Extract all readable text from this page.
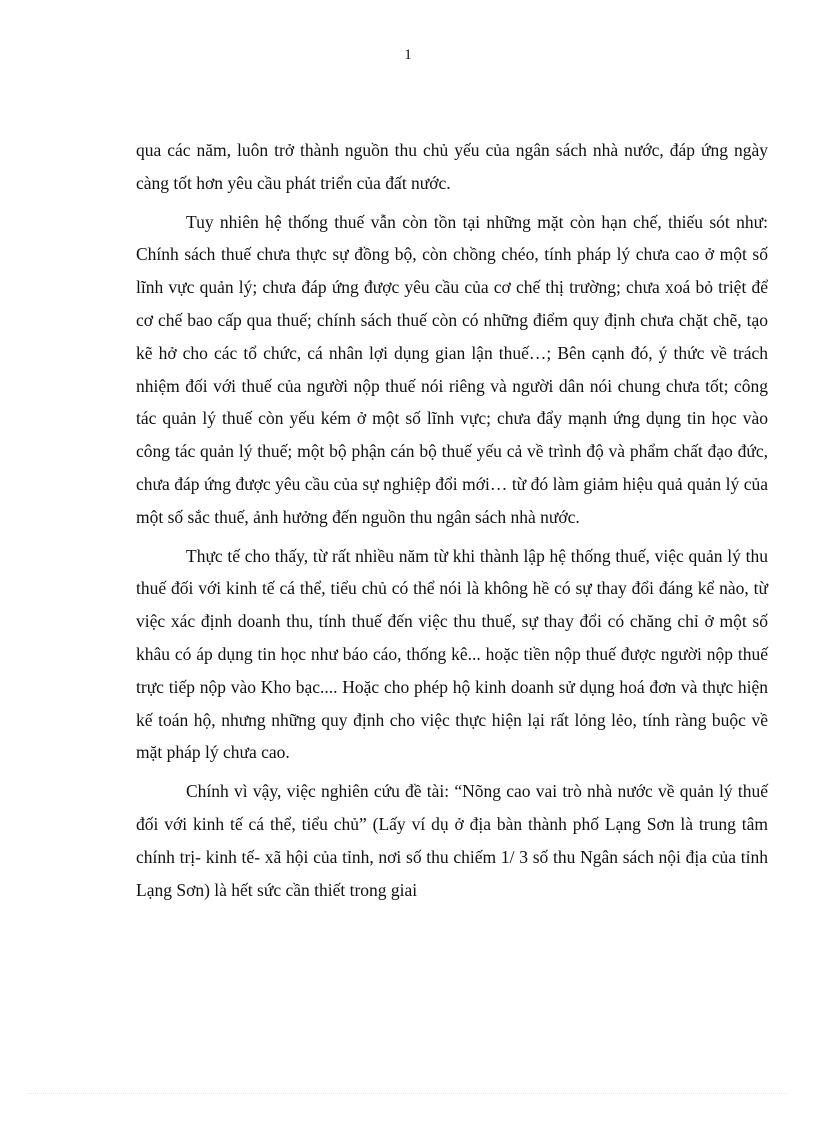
1

qua các năm, luôn trở thành nguồn thu chủ yếu của ngân sách nhà nước, đáp ứng ngày càng tốt hơn yêu cầu phát triển của đất nước.

Tuy nhiên hệ thống thuế vẫn còn tồn tại những mặt còn hạn chế, thiếu sót như: Chính sách thuế chưa thực sự đồng bộ, còn chồng chéo, tính pháp lý chưa cao ở một số lĩnh vực quản lý; chưa đáp ứng được yêu cầu của cơ chế thị trường; chưa xoá bỏ triệt để cơ chế bao cấp qua thuế; chính sách thuế còn có những điểm quy định chưa chặt chẽ, tạo kẽ hở cho các tổ chức, cá nhân lợi dụng gian lận thuế…; Bên cạnh đó, ý thức về trách nhiệm đối với thuế của người nộp thuế nói riêng và người dân nói chung chưa tốt; công tác quản lý thuế còn yếu kém ở một số lĩnh vực; chưa đẩy mạnh ứng dụng tin học vào công tác quản lý thuế; một bộ phận cán bộ thuế yếu cả về trình độ và phẩm chất đạo đức, chưa đáp ứng được yêu cầu của sự nghiệp đổi mới… từ đó làm giảm hiệu quả quản lý của một số sắc thuế, ảnh hưởng đến nguồn thu ngân sách nhà nước.

Thực tế cho thấy, từ rất nhiều năm từ khi thành lập hệ thống thuế, việc quản lý thu thuế đối với kinh tế cá thể, tiểu chủ có thể nói là không hề có sự thay đổi đáng kể nào, từ việc xác định doanh thu, tính thuế đến việc thu thuế, sự thay đổi có chăng chỉ ở một số khâu có áp dụng tin học như báo cáo, thống kê... hoặc tiền nộp thuế được người nộp thuế trực tiếp nộp vào Kho bạc.... Hoặc cho phép hộ kinh doanh sử dụng hoá đơn và thực hiện kế toán hộ, nhưng những quy định cho việc thực hiện lại rất lỏng lẻo, tính ràng buộc về mặt pháp lý chưa cao.

Chính vì vậy, việc nghiên cứu đề tài: “Nõng cao vai trò nhà nước về quản lý thuế đối với kinh tế cá thể, tiểu chủ” (Lấy ví dụ ở địa bàn thành phố Lạng Sơn là trung tâm chính trị- kinh tế- xã hội của tỉnh, nơi số thu chiếm 1/ 3 số thu Ngân sách nội địa của tỉnh Lạng Sơn) là hết sức cần thiết trong giai
